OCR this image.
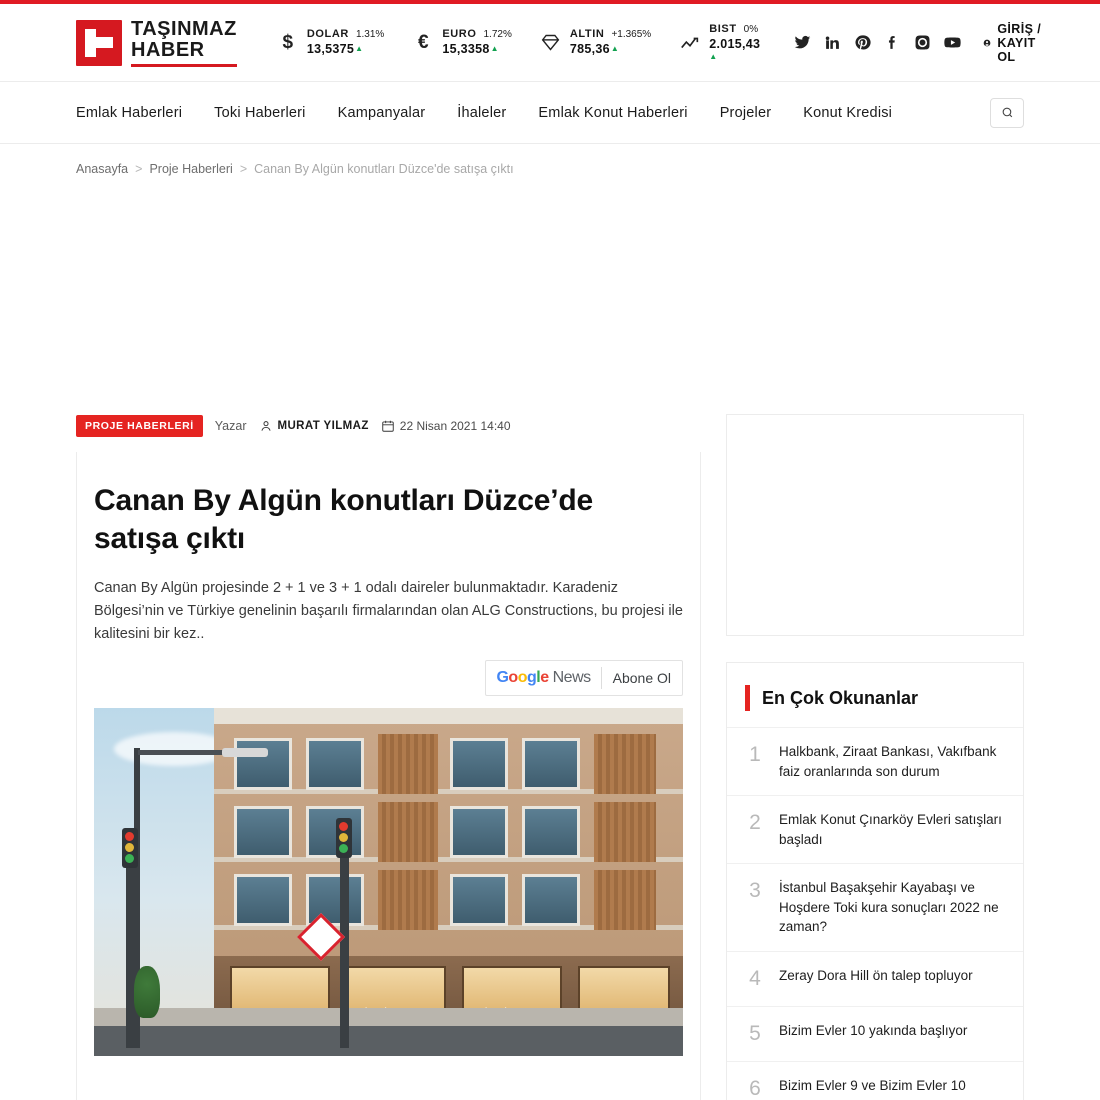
TAŞINMAZ
HABER	$	DOLAR 1.31%
13,5375▲	€	EURO 1.72%
15,3358▲
ALTIN +1.365%
785,36▲
BIST 0%
2.015,43
▲
GİRİŞ / KAYIT OL
Emlak Haberleri Toki Haberleri Kampanyalar İhaleler Emlak Konut Haberleri Projeler Konut Kredisi
Anasayfa > Proje Haberleri > Canan By Algün konutları Düzce'de satışa çıktı
PROJE HABERLERİ	Yazar	MURAT YILMAZ	22 Nisan 2021 14:40
Canan By Algün konutları Düzce’de satışa çıktı

Canan By Algün projesinde 2 + 1 ve 3 + 1 odalı daireler bulunmaktadır. Karadeniz Bölgesi’nin ve Türkiye genelinin başarılı firmalarından olan ALG Constructions, bu projesi ile kalitesini bir kez..

G o o g l e News	Abone Ol
En Çok Okunanlar
1	Halkbank, Ziraat Bankası, Vakıfbank faiz oranlarında son durum
2	Emlak Konut Çınarköy Evleri satışları başladı
3	İstanbul Başakşehir Kayabaşı ve Hoşdere Toki kura sonuçları 2022 ne zaman?
4	Zeray Dora Hill ön talep topluyor
5	Bizim Evler 10 yakında başlıyor
6	Bizim Evler 9 ve Bizim Evler 10
